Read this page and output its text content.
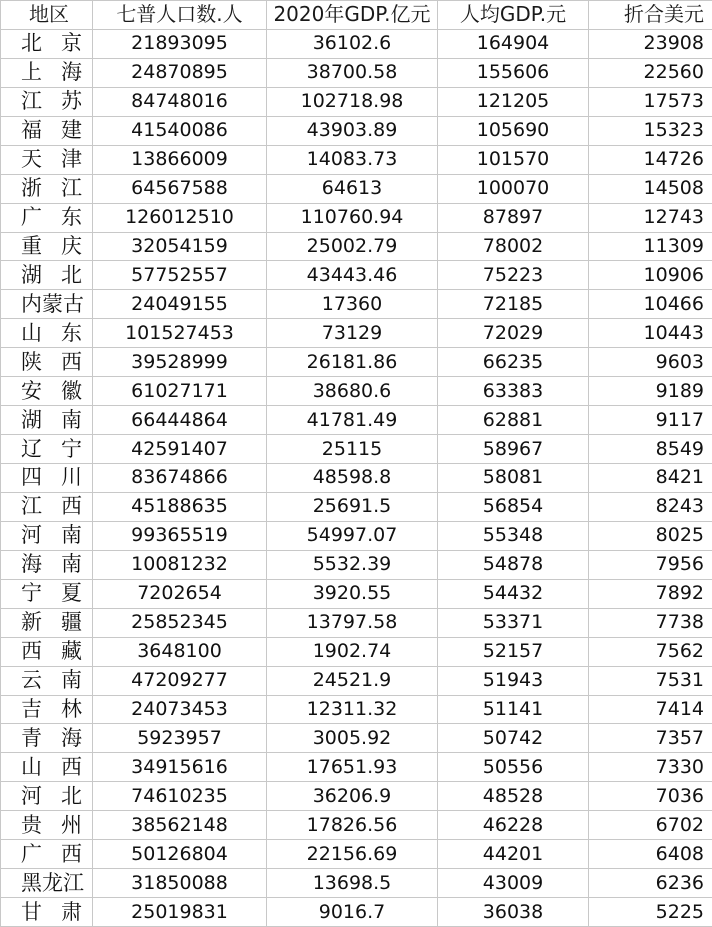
地区	七普人口数.人	2020年GDP.亿元	人均GDP.元	折合美元
北京	21893095	36102.6	164904	23908
上海	24870895	38700.58	155606	22560
江苏	84748016	102718.98	121205	17573
福建	41540086	43903.89	105690	15323
天津	13866009	14083.73	101570	14726
浙江	64567588	64613	100070	14508
广东	126012510	110760.94	87897	12743
重庆	32054159	25002.79	78002	11309
湖北	57752557	43443.46	75223	10906
内蒙古	24049155	17360	72185	10466
山东	101527453	73129	72029	10443
陕西	39528999	26181.86	66235	9603
安徽	61027171	38680.6	63383	9189
湖南	66444864	41781.49	62881	9117
辽宁	42591407	25115	58967	8549
四川	83674866	48598.8	58081	8421
江西	45188635	25691.5	56854	8243
河南	99365519	54997.07	55348	8025
海南	10081232	5532.39	54878	7956
宁夏	7202654	3920.55	54432	7892
新疆	25852345	13797.58	53371	7738
西藏	3648100	1902.74	52157	7562
云南	47209277	24521.9	51943	7531
吉林	24073453	12311.32	51141	7414
青海	5923957	3005.92	50742	7357
山西	34915616	17651.93	50556	7330
河北	74610235	36206.9	48528	7036
贵州	38562148	17826.56	46228	6702
广西	50126804	22156.69	44201	6408
黑龙江	31850088	13698.5	43009	6236
甘肃	25019831	9016.7	36038	5225
